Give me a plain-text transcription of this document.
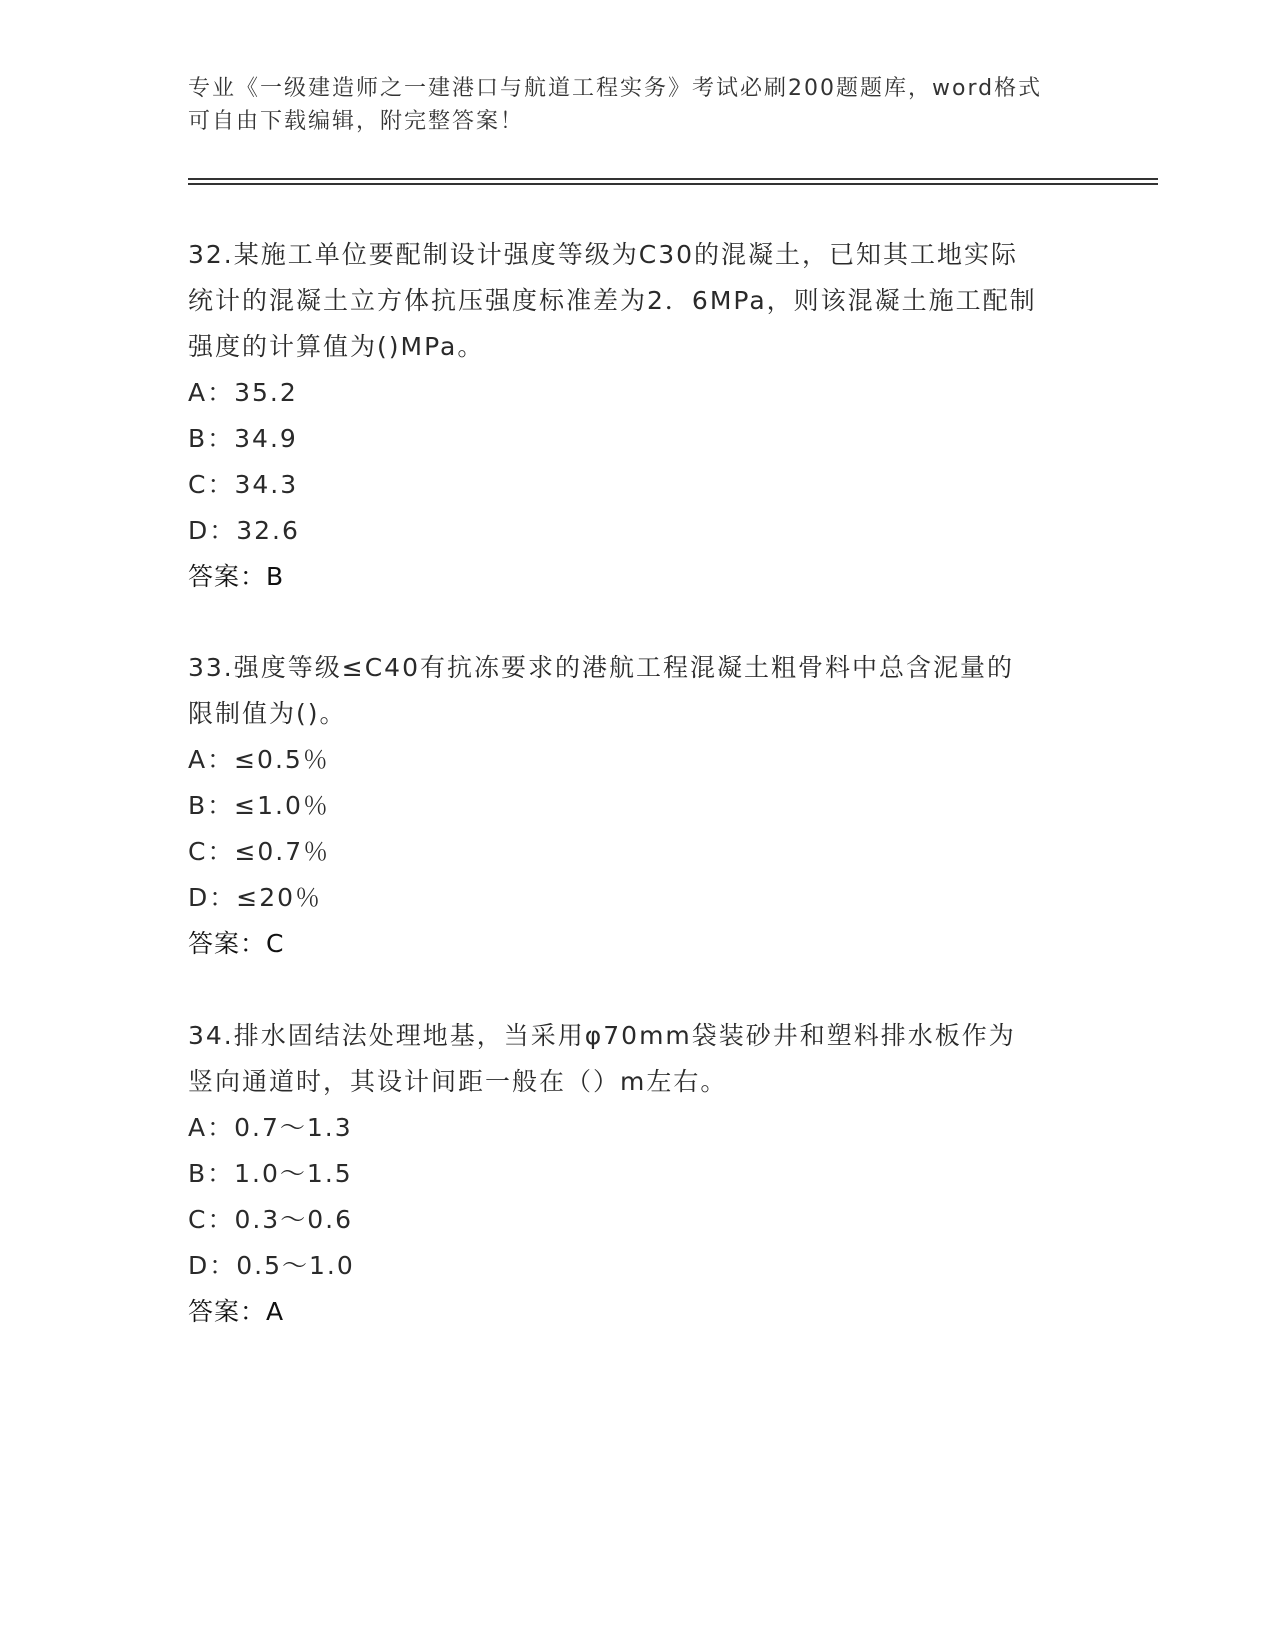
专业《一级建造师之一建港口与航道工程实务》考试必刷200题题库，word格式
可自由下载编辑，附完整答案！

32.某施工单位要配制设计强度等级为C30的混凝土，已知其工地实际

统计的混凝土立方体抗压强度标准差为2．6MPa，则该混凝土施工配制

强度的计算值为()MPa。

A：35.2

B：34.9

C：34.3

D：32.6

答案：B

33.强度等级≤C40有抗冻要求的港航工程混凝土粗骨料中总含泥量的

限制值为()。

A：≤0.5％

B：≤1.0％

C：≤0.7％

D：≤20％

答案：C

34.排水固结法处理地基，当采用φ70mm袋装砂井和塑料排水板作为

竖向通道时，其设计间距一般在（）m左右。

A：0.7～1.3

B：1.0～1.5

C：0.3～0.6

D：0.5～1.0

答案：A
